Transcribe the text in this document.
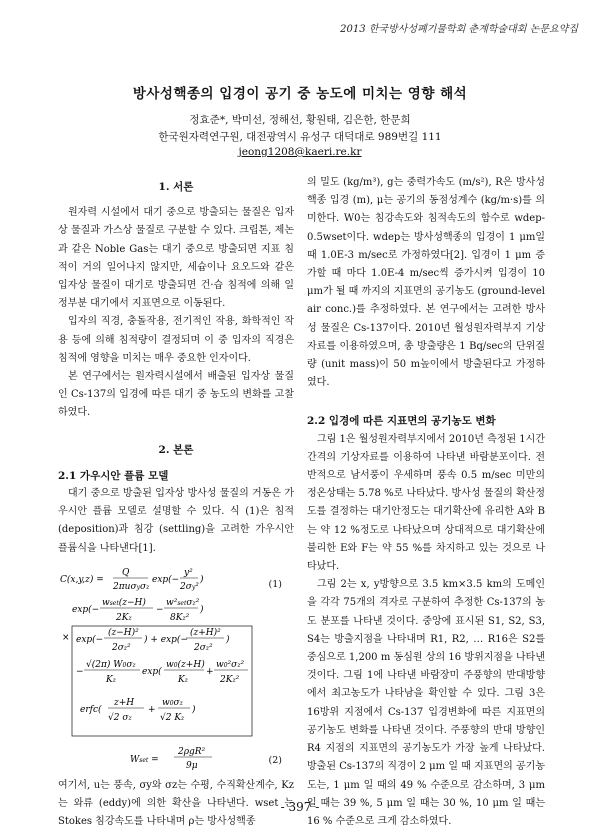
2013 한국방사성폐기물학회 춘계학술대회 논문요약집
방사성핵종의 입경이 공기 중 농도에 미치는 영향 해석
정효준*, 박미선, 정해선, 황원태, 김은한, 한문희
한국원자력연구원, 대전광역시 유성구 대덕대로 989번길 111
jeong1208@kaeri.re.kr
1. 서론

원자력 시설에서 대기 중으로 방출되는 물질은 입자상 물질과 가스상 물질로 구분할 수 있다. 크립톤, 제논과 같은 Noble Gas는 대기 중으로 방출되면 지표 침적이 거의 일어나지 않지만, 세슘이나 요오드와 같은 입자상 물질이 대기로 방출되면 건·습 침적에 의해 일정부분 대기에서 지표면으로 이동된다.

입자의 직경, 충돌작용, 전기적인 작용, 화학적인 작용 등에 의해 침적량이 결정되며 이 중 입자의 직경은 침적에 영향을 미치는 매우 중요한 인자이다.

본 연구에서는 원자력시설에서 배출된 입자상 물질인 Cs-137의 입경에 따른 대기 중 농도의 변화를 고찰하였다.

2. 본론
2.1 가우시안 플륨 모델

대기 중으로 방출된 입자상 방사성 물질의 거동은 가우시안 플륨 모델로 설명할 수 있다. 식 (1)은 침적 (deposition)과 침강 (settling)을 고려한 가우시안 플륨식을 나타낸다[1].

C(x,y,z) =
Q
2πuσyσz
exp(−
y²
2σy²
)
exp(−
wset(z−H)
2Kz
−
w²setσz²
8Kz²
)
× exp(−
(z−H)²
2σz²
) + exp(−
(z+H)²
2σz²
)
−
√(2π) W0σz
Kz
exp(
w0(z+H)
Kz
+
w0²σz²
2Kz²
erfc(
z+H
√2 σz
+
w0σz
√2 Kz
)
(1)
Wset =
2ρgR²
9μ	(2)

여기서, u는 풍속, σy와 σz는 수평, 수직확산계수, Kz는 와류 (eddy)에 의한 확산을 나타낸다. wset 는 Stokes 침강속도를 나타내며 ρ는 방사성핵종

의 밀도 (kg/m³), g는 중력가속도 (m/s²), R은 방사성핵종 입경 (m), μ는 공기의 동점성계수 (kg/m·s)를 의미한다. W0는 침강속도와 침적속도의 함수로 wdep-0.5wset이다. wdep는 방사성핵종의 입경이 1 μm일때 1.0E-3 m/sec로 가정하였다[2]. 입경이 1 μm 증가할 때 마다 1.0E-4 m/sec씩 증가시켜 입경이 10 μm가 될 때 까지의 지표면의 공기농도 (ground-level air conc.)를 추정하였다. 본 연구에서는 고려한 방사성 물질은 Cs-137이다. 2010년 월성원자력부지 기상자료를 이용하였으며, 총 방출량은 1 Bq/sec의 단위질량 (unit mass)이 50 m높이에서 방출된다고 가정하였다.

2.2 입경에 따른 지표면의 공기농도 변화

그림 1은 월성원자력부지에서 2010년 측정된 1시간 간격의 기상자료를 이용하여 나타낸 바람분포이다. 전반적으로 남서풍이 우세하며 풍속 0.5 m/sec 미만의 정온상태는 5.78 %로 나타났다. 방사성 물질의 확산정도를 결정하는 대기안정도는 대기확산에 유리한 A와 B는 약 12 %정도로 나타났으며 상대적으로 대기확산에 불리한 E와 F는 약 55 %를 차지하고 있는 것으로 나타났다.

그림 2는 x, y방향으로 3.5 km×3.5 km의 도메인을 각각 75개의 격자로 구분하여 추정한 Cs-137의 농도 분포를 나타낸 것이다. 중앙에 표시된 S1, S2, S3, S4는 방출지점을 나타내며 R1, R2, … R16은 S2를 중심으로 1,200 m 동심원 상의 16 방위지점을 나타낸 것이다. 그림 1에 나타낸 바람장미 주풍향의 반대방향에서 최고농도가 나타남을 확인할 수 있다. 그림 3은 16방위 지점에서 Cs-137 입경변화에 따른 지표면의 공기농도 변화를 나타낸 것이다. 주풍향의 반대 방향인 R4 지점의 지표면의 공기농도가 가장 높게 나타났다. 방출된 Cs-137의 직경이 2 μm 일 때 지표면의 공기농도는, 1 μm 일 때의 49 % 수준으로 감소하며, 3 μm 일 때는 39 %, 5 μm 일 때는 30 %, 10 μm 일 때는 16 % 수준으로 크게 감소하였다.

- 397 -
